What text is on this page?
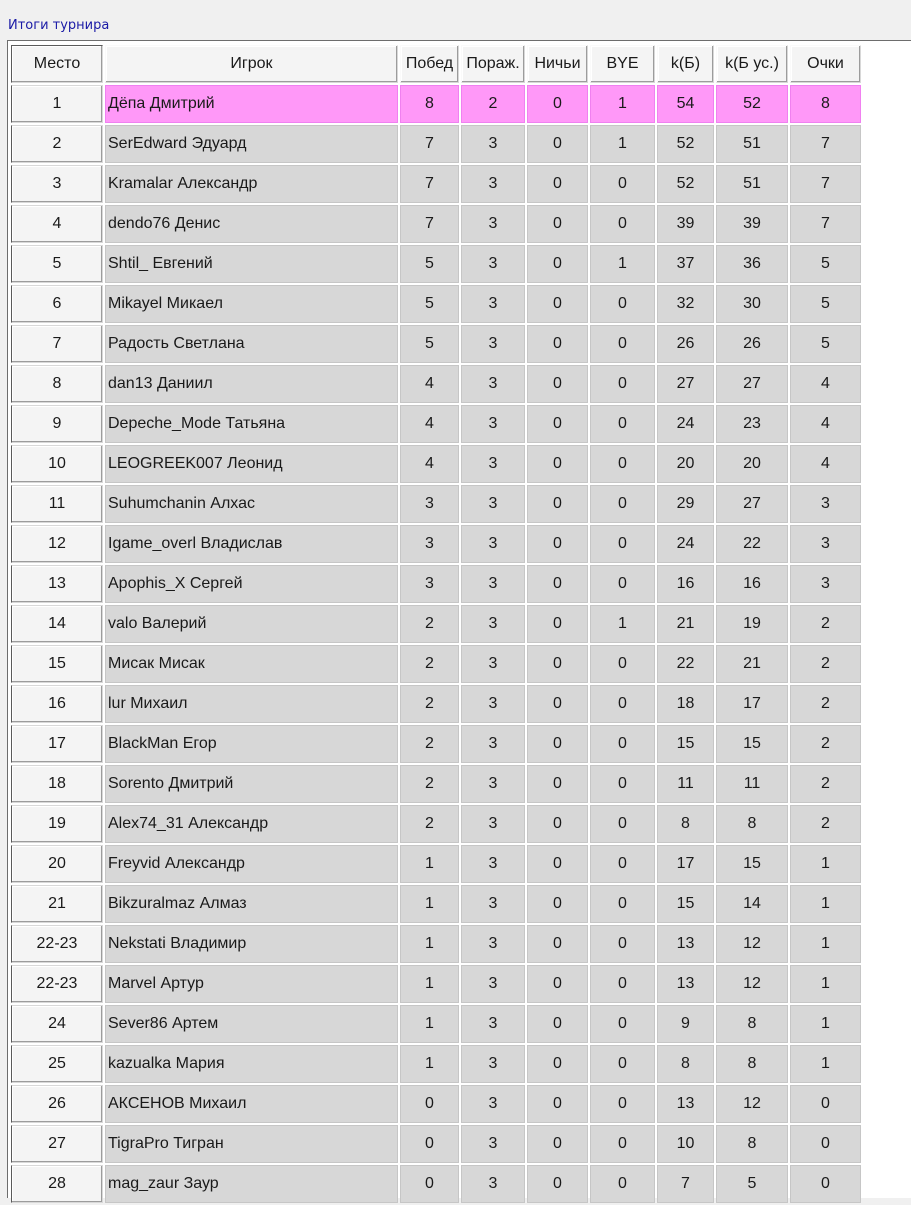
Итоги турнира
Место	Игрок	Побед	Пораж.	Ничьи	BYE	k(Б)	k(Б ус.)	Очки
1	Дёпа Дмитрий	8	2	0	1	54	52	8
2	SerEdward Эдуард	7	3	0	1	52	51	7
3	Kramalar Александр	7	3	0	0	52	51	7
4	dendo76 Денис	7	3	0	0	39	39	7
5	Shtil_ Евгений	5	3	0	1	37	36	5
6	Mikayel Микаел	5	3	0	0	32	30	5
7	Радость Светлана	5	3	0	0	26	26	5
8	dan13 Даниил	4	3	0	0	27	27	4
9	Depeche_Mode Татьяна	4	3	0	0	24	23	4
10	LEOGREEK007 Леонид	4	3	0	0	20	20	4
11	Suhumchanin Алхас	3	3	0	0	29	27	3
12	Igame_overl Владислав	3	3	0	0	24	22	3
13	Apophis_X Сергей	3	3	0	0	16	16	3
14	valo Валерий	2	3	0	1	21	19	2
15	Мисак Мисак	2	3	0	0	22	21	2
16	lur Михаил	2	3	0	0	18	17	2
17	BlackMan Егор	2	3	0	0	15	15	2
18	Sorento Дмитрий	2	3	0	0	11	11	2
19	Alex74_31 Александр	2	3	0	0	8	8	2
20	Freyvid Александр	1	3	0	0	17	15	1
21	Bikzuralmaz Алмаз	1	3	0	0	15	14	1
22-23	Nekstati Владимир	1	3	0	0	13	12	1
22-23	Marvel Артур	1	3	0	0	13	12	1
24	Sever86 Артем	1	3	0	0	9	8	1
25	kazualka Мария	1	3	0	0	8	8	1
26	АКСЕНОВ Михаил	0	3	0	0	13	12	0
27	TigraPro Тигран	0	3	0	0	10	8	0
28	mag_zaur Заур	0	3	0	0	7	5	0
